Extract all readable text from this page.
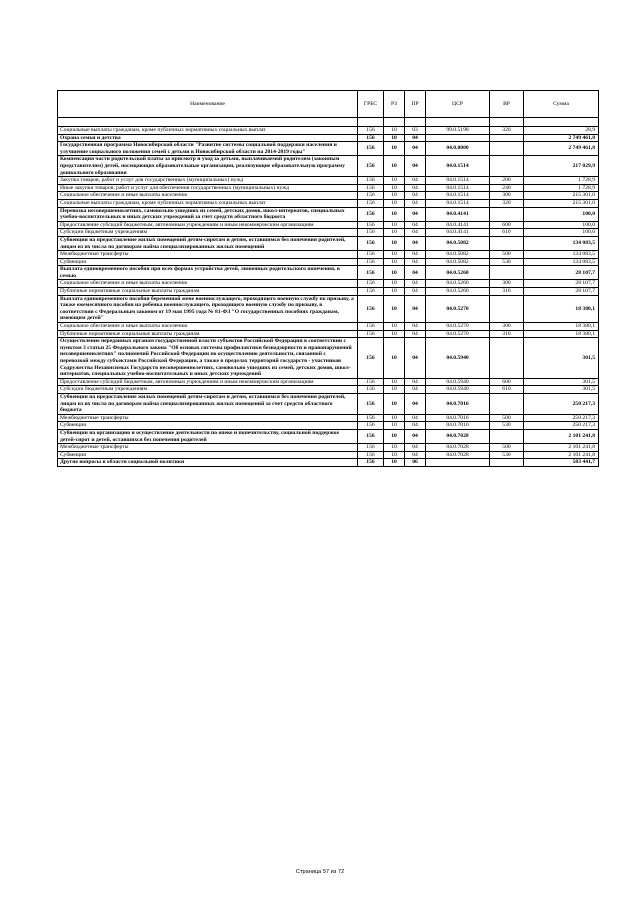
Наименование	ГРБС	РЗ	ПР	ЦСР	ВР	Сумма

Социальные выплаты гражданам, кроме публичных нормативных социальных выплат	156	10	03	99.0.5198	320	28,9
Охрана семьи и детства	156	10	04			2 749 461,8
Государственная программа Новосибирской области "Развитие системы социальной поддержки населения и улучшение социального положения семей с детьми в Новосибирской области на 2014-2019 годы"	156	10	04	04.0.0000		2 749 461,8
Компенсация части родительской платы за присмотр и уход за детьми, выплачиваемой родителям (законным представителям) детей, посещающих образовательные организации, реализующие образовательную программу дошкольного образования	156	10	04	04.0.1514		217 029,9
Закупка товаров, работ и услуг для государственных (муниципальных) нужд	156	10	04	04.0.1514	200	1 728,9
Иные закупки товаров, работ и услуг для обеспечения государственных (муниципальных) нужд	156	10	04	04.0.1514	240	1 728,9
Социальное обеспечение и иные выплаты населению	156	10	04	04.0.1514	300	215 301,0
Социальные выплаты гражданам, кроме публичных нормативных социальных выплат	156	10	04	04.0.1514	320	215 301,0
Перевозка несовершеннолетних, самовольно ушедших из семей, детских домов, школ-интернатов, специальных учебно-воспитательных и иных детских учреждений за счет средств областного бюджета	156	10	04	04.0.4141		100,0
Предоставление субсидий бюджетным, автономным учреждениям и иным некоммерческим организациям	156	10	04	04.0.4141	600	100,0
Субсидии бюджетным учреждениям	156	10	04	04.0.4141	610	100,0
Субвенции на предоставление жилых помещений детям-сиротам и детям, оставшимся без попечения родителей, лицам из их числа по договорам найма специализированных жилых помещений	156	10	04	04.0.5082		134 083,5
Межбюджетные трансферты	156	10	04	04.0.5082	500	134 083,5
Субвенции	156	10	04	04.0.5082	530	134 083,5
Выплата единовременного пособия при всех формах устройства детей, лишенных родительского попечения, в семью	156	10	04	04.0.5260		28 107,7
Социальное обеспечение и иные выплаты населению	156	10	04	04.0.5260	300	28 107,7
Публичные нормативные социальные выплаты гражданам	156	10	04	04.0.5260	310	28 107,7
Выплата единовременного пособия беременной жене военнослужащего, проходящего военную службу по призыву, а также ежемесячного пособия на ребенка военнослужащего, проходящего военную службу по призыву, в соответствии с Федеральным законом от 19 мая 1995 года № 81-ФЗ "О государственных пособиях гражданам, имеющим детей"	156	10	04	04.0.5270		18 380,1
Социальное обеспечение и иные выплаты населению	156	10	04	04.0.5270	300	18 380,1
Публичные нормативные социальные выплаты гражданам	156	10	04	04.0.5270	310	18 380,1
Осуществление переданных органам государственной власти субъектов Российской Федерации в соответствии с пунктом 3 статьи 25 Федерального закона "Об основах системы профилактики безнадзорности и правонарушений несовершеннолетних" полномочий Российской Федерации по осуществлению деятельности, связанной с перевозкой между субъектами Российской Федерации, а также в пределах территорий государств - участников Содружества Независимых Государств несовершеннолетних, самовольно ушедших из семей, детских домов, школ-интернатов, специальных учебно-воспитательных и иных детских учреждений	156	10	04	04.0.5940		301,5
Предоставление субсидий бюджетным, автономным учреждениям и иным некоммерческим организациям	156	10	04	04.0.5940	600	301,5
Субсидии бюджетным учреждениям	156	10	04	04.0.5940	610	301,5
Субвенции на предоставление жилых помещений детям-сиротам и детям, оставшимся без попечения родителей, лицам из их числа по договорам найма специализированных жилых помещений за счет средств областного бюджета	156	10	04	04.0.7016		250 217,3
Межбюджетные трансферты	156	10	04	04.0.7016	500	250 217,3
Субвенции	156	10	04	04.0.7016	530	250 217,3
Субвенции на организацию и осуществление деятельности по опеке и попечительству, социальной поддержке детей-сирот и детей, оставшихся без попечения родителей	156	10	04	04.0.7028		2 101 241,8
Межбюджетные трансферты	156	10	04	04.0.7028	500	2 101 241,8
Субвенции	156	10	04	04.0.7028	530	2 101 241,8
Другие вопросы в области социальной политики	156	10	06			583 441,7
Страница 57 из 72
